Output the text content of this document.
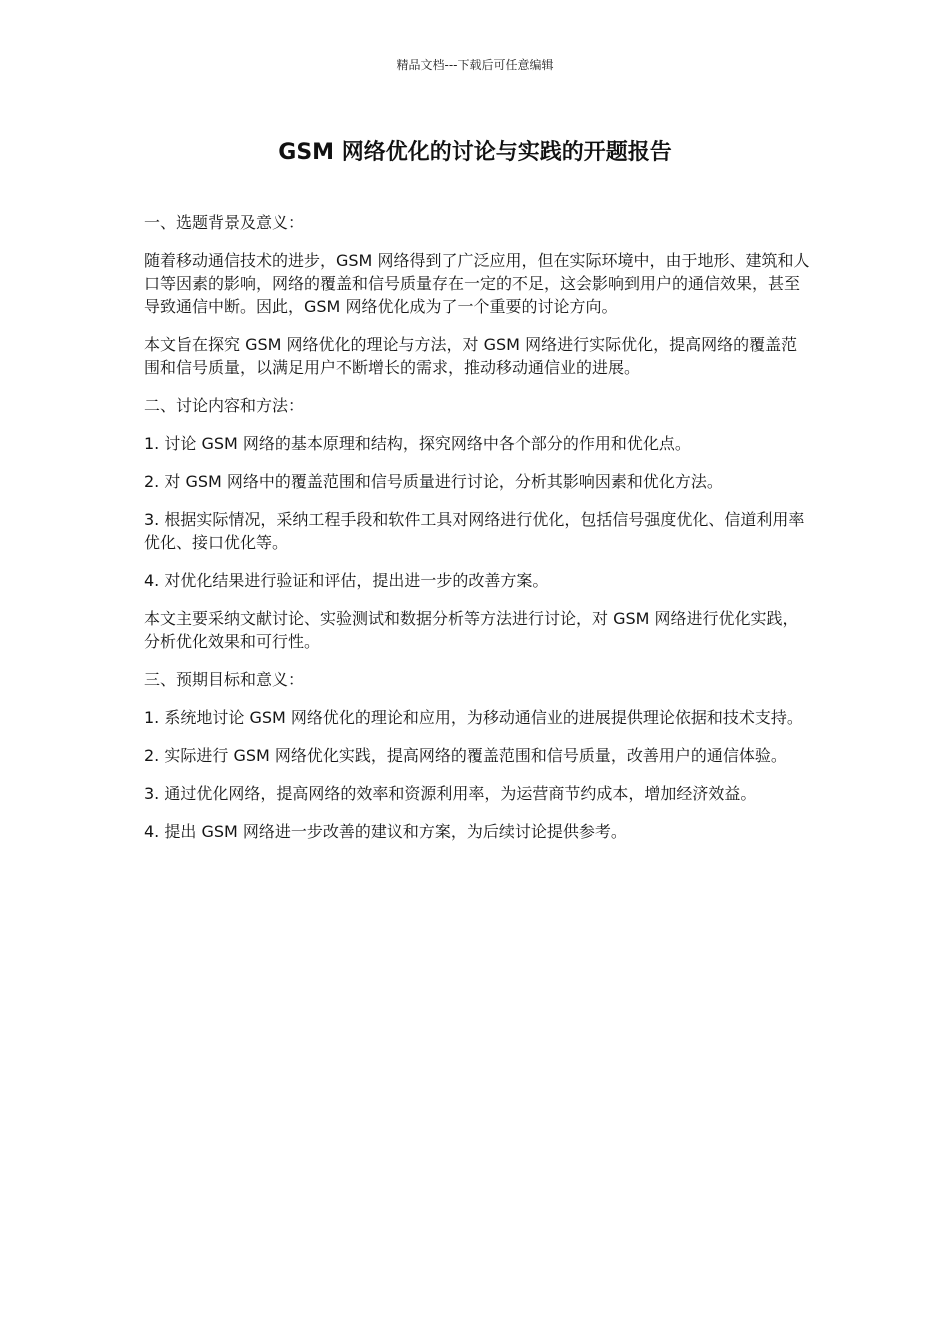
精品文档---下载后可任意编辑
GSM 网络优化的讨论与实践的开题报告

一、选题背景及意义：

随着移动通信技术的进步，GSM 网络得到了广泛应用，但在实际环境中，由于地形、建筑和人口等因素的影响，网络的覆盖和信号质量存在一定的不足，这会影响到用户的通信效果，甚至导致通信中断。因此，GSM 网络优化成为了一个重要的讨论方向。

本文旨在探究 GSM 网络优化的理论与方法，对 GSM 网络进行实际优化，提高网络的覆盖范围和信号质量，以满足用户不断增长的需求，推动移动通信业的进展。

二、讨论内容和方法：

1. 讨论 GSM 网络的基本原理和结构，探究网络中各个部分的作用和优化点。

2. 对 GSM 网络中的覆盖范围和信号质量进行讨论，分析其影响因素和优化方法。

3. 根据实际情况，采纳工程手段和软件工具对网络进行优化，包括信号强度优化、信道利用率优化、接口优化等。

4. 对优化结果进行验证和评估，提出进一步的改善方案。

本文主要采纳文献讨论、实验测试和数据分析等方法进行讨论，对 GSM 网络进行优化实践，分析优化效果和可行性。

三、预期目标和意义：

1. 系统地讨论 GSM 网络优化的理论和应用，为移动通信业的进展提供理论依据和技术支持。

2. 实际进行 GSM 网络优化实践，提高网络的覆盖范围和信号质量，改善用户的通信体验。

3. 通过优化网络，提高网络的效率和资源利用率，为运营商节约成本，增加经济效益。

4. 提出 GSM 网络进一步改善的建议和方案，为后续讨论提供参考。
